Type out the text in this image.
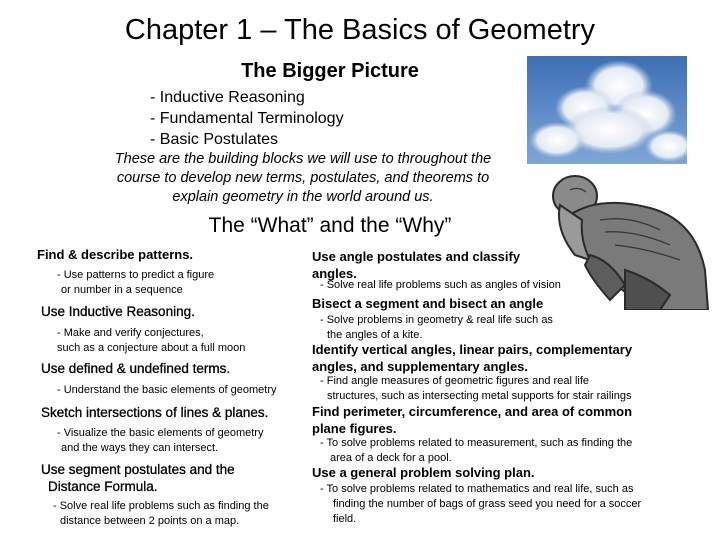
Chapter 1 – The Basics of Geometry
The Bigger Picture
- Inductive Reasoning
- Fundamental Terminology
- Basic Postulates
These are the building blocks we will use to throughout the
course to develop new terms, postulates, and theorems to
explain geometry in the world around us.
The “What” and the “Why”
Find & describe patterns.
- Use patterns to predict a figure
or number in a sequence
Use Inductive Reasoning.
- Make and verify conjectures,
such as a conjecture about a full moon
Use defined & undefined terms.
- Understand the basic elements of geometry
Sketch intersections of lines & planes.
- Visualize the basic elements of geometry
and the ways they can intersect.
Use segment postulates and the
Distance Formula.
- Solve real life problems such as finding the
distance between 2 points on a map.
Use angle postulates and classify
angles.
- Solve real life problems such as angles of vision
Bisect a segment and bisect an angle
- Solve problems in geometry & real life such as
the angles of a kite.
Identify vertical angles, linear pairs, complementary
angles, and supplementary angles.
- Find angle measures of geometric figures and real life
structures, such as intersecting metal supports for stair railings
Find perimeter, circumference, and area of common
plane figures.
- To solve problems related to measurement, such as finding the
area of a deck for a pool.
Use a general problem solving plan.
- To solve problems related to mathematics and real life, such as
finding the number of bags of grass seed you need for a soccer
field.
